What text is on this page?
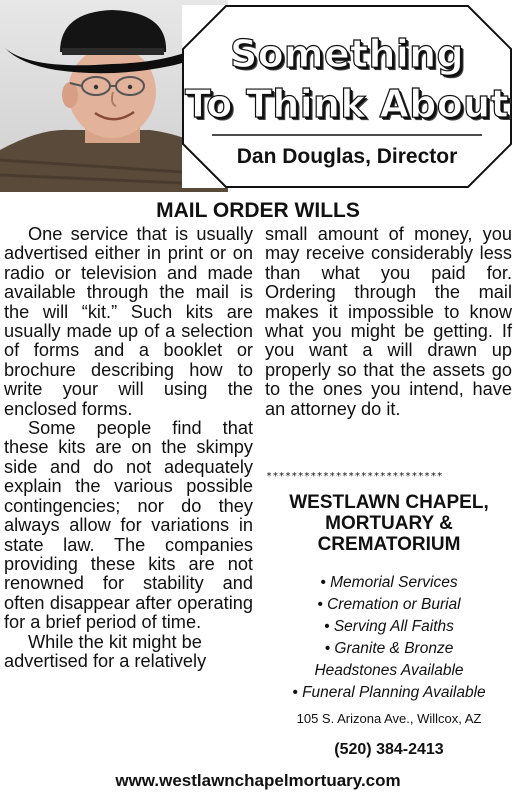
Something
To Think About
Dan Douglas, Director
MAIL ORDER WILLS

One service that is usually advertised either in print or on radio or television and made available through the mail is the will “kit.” Such kits are usually made up of a selection of forms and a booklet or brochure describing how to write your will using the enclosed forms.

Some people find that these kits are on the skimpy side and do not adequately explain the various possible contingencies; nor do they always allow for variations in state law. The companies providing these kits are not renowned for stability and often disappear after operating for a brief period of time.

While the kit might be advertised for a relatively

small amount of money, you may receive considerably less than what you paid for. Ordering through the mail makes it impossible to know what you might be getting. If you want a will drawn up properly so that the assets go to the ones you intend, have an attorney do it.

****************************
WESTLAWN CHAPEL,
MORTUARY &
CREMATORIUM
• Memorial Services
• Cremation or Burial
• Serving All Faiths
• Granite & Bronze
Headstones Available
• Funeral Planning Available
105 S. Arizona Ave., Willcox, AZ
(520) 384-2413
www.westlawnchapelmortuary.com
